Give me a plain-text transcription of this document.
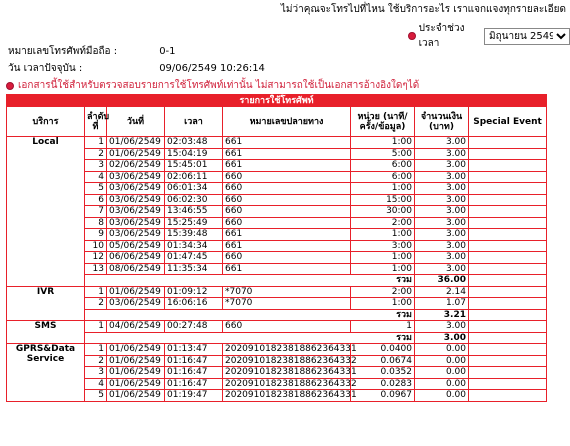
ไม่ว่าคุณจะโทรไปที่ไหน ใช้บริการอะไร เราแจกแจงทุกรายละเอียด
ประจำช่วงเวลา
มิถุนายน 2549
หมายเลขโทรศัพท์มือถือ :	0-1
วัน เวลาปัจจุบัน :	09/06/2549 10:26:14
เอกสารนี้ใช้สำหรับตรวจสอบรายการใช้โทรศัพท์เท่านั้น ไม่สามารถใช้เป็นเอกสารอ้างอิงใดๆได้
รายการใช้โทรศัพท์							
บริการ	ลำดับที่	วันที่	เวลา	หมายเลขปลายทาง	หน่วย (นาที/ครั้ง/ข้อมูล)	จำนวนเงิน (บาท)	Special Event
Local	1	01/06/2549	02:03:48	661	1:00	3.00	
	2	01/06/2549	15:04:19	661	5:00	3.00	
	3	02/06/2549	15:45:01	661	6:00	3.00	
	4	03/06/2549	02:06:11	660	6:00	3.00	
	5	03/06/2549	06:01:34	660	1:00	3.00	
	6	03/06/2549	06:02:30	660	15:00	3.00	
	7	03/06/2549	13:46:55	660	30:00	3.00	
	8	03/06/2549	15:25:49	660	2:00	3.00	
	9	03/06/2549	15:39:48	661	1:00	3.00	
	10	05/06/2549	01:34:34	661	3:00	3.00	
	12	06/06/2549	01:47:45	660	1:00	3.00	
	13	08/06/2549	11:35:34	661	1:00	3.00	
	รวม					36.00	
IVR	1	01/06/2549	01:09:12	*7070	2:00	2.14	
	2	03/06/2549	16:06:16	*7070	1:00	1.07	
	รวม					3.21	
SMS	1	04/06/2549	00:27:48	660	1	3.00	
	รวม					3.00	
GPRS&Data Service	1	01/06/2549	01:13:47	2020910182381886236433​1	0.0400	0.00	
	2	01/06/2549	01:16:47	202091018238188623643​32	0.0674	0.00	
	3	01/06/2549	01:16:47	202091018238188623643​31	0.0352	0.00	
	4	01/06/2549	01:16:47	202091018238188623643​32	0.0283	0.00	
	5	01/06/2549	01:19:47	202091018238188623643​31	0.0967	0.00	
